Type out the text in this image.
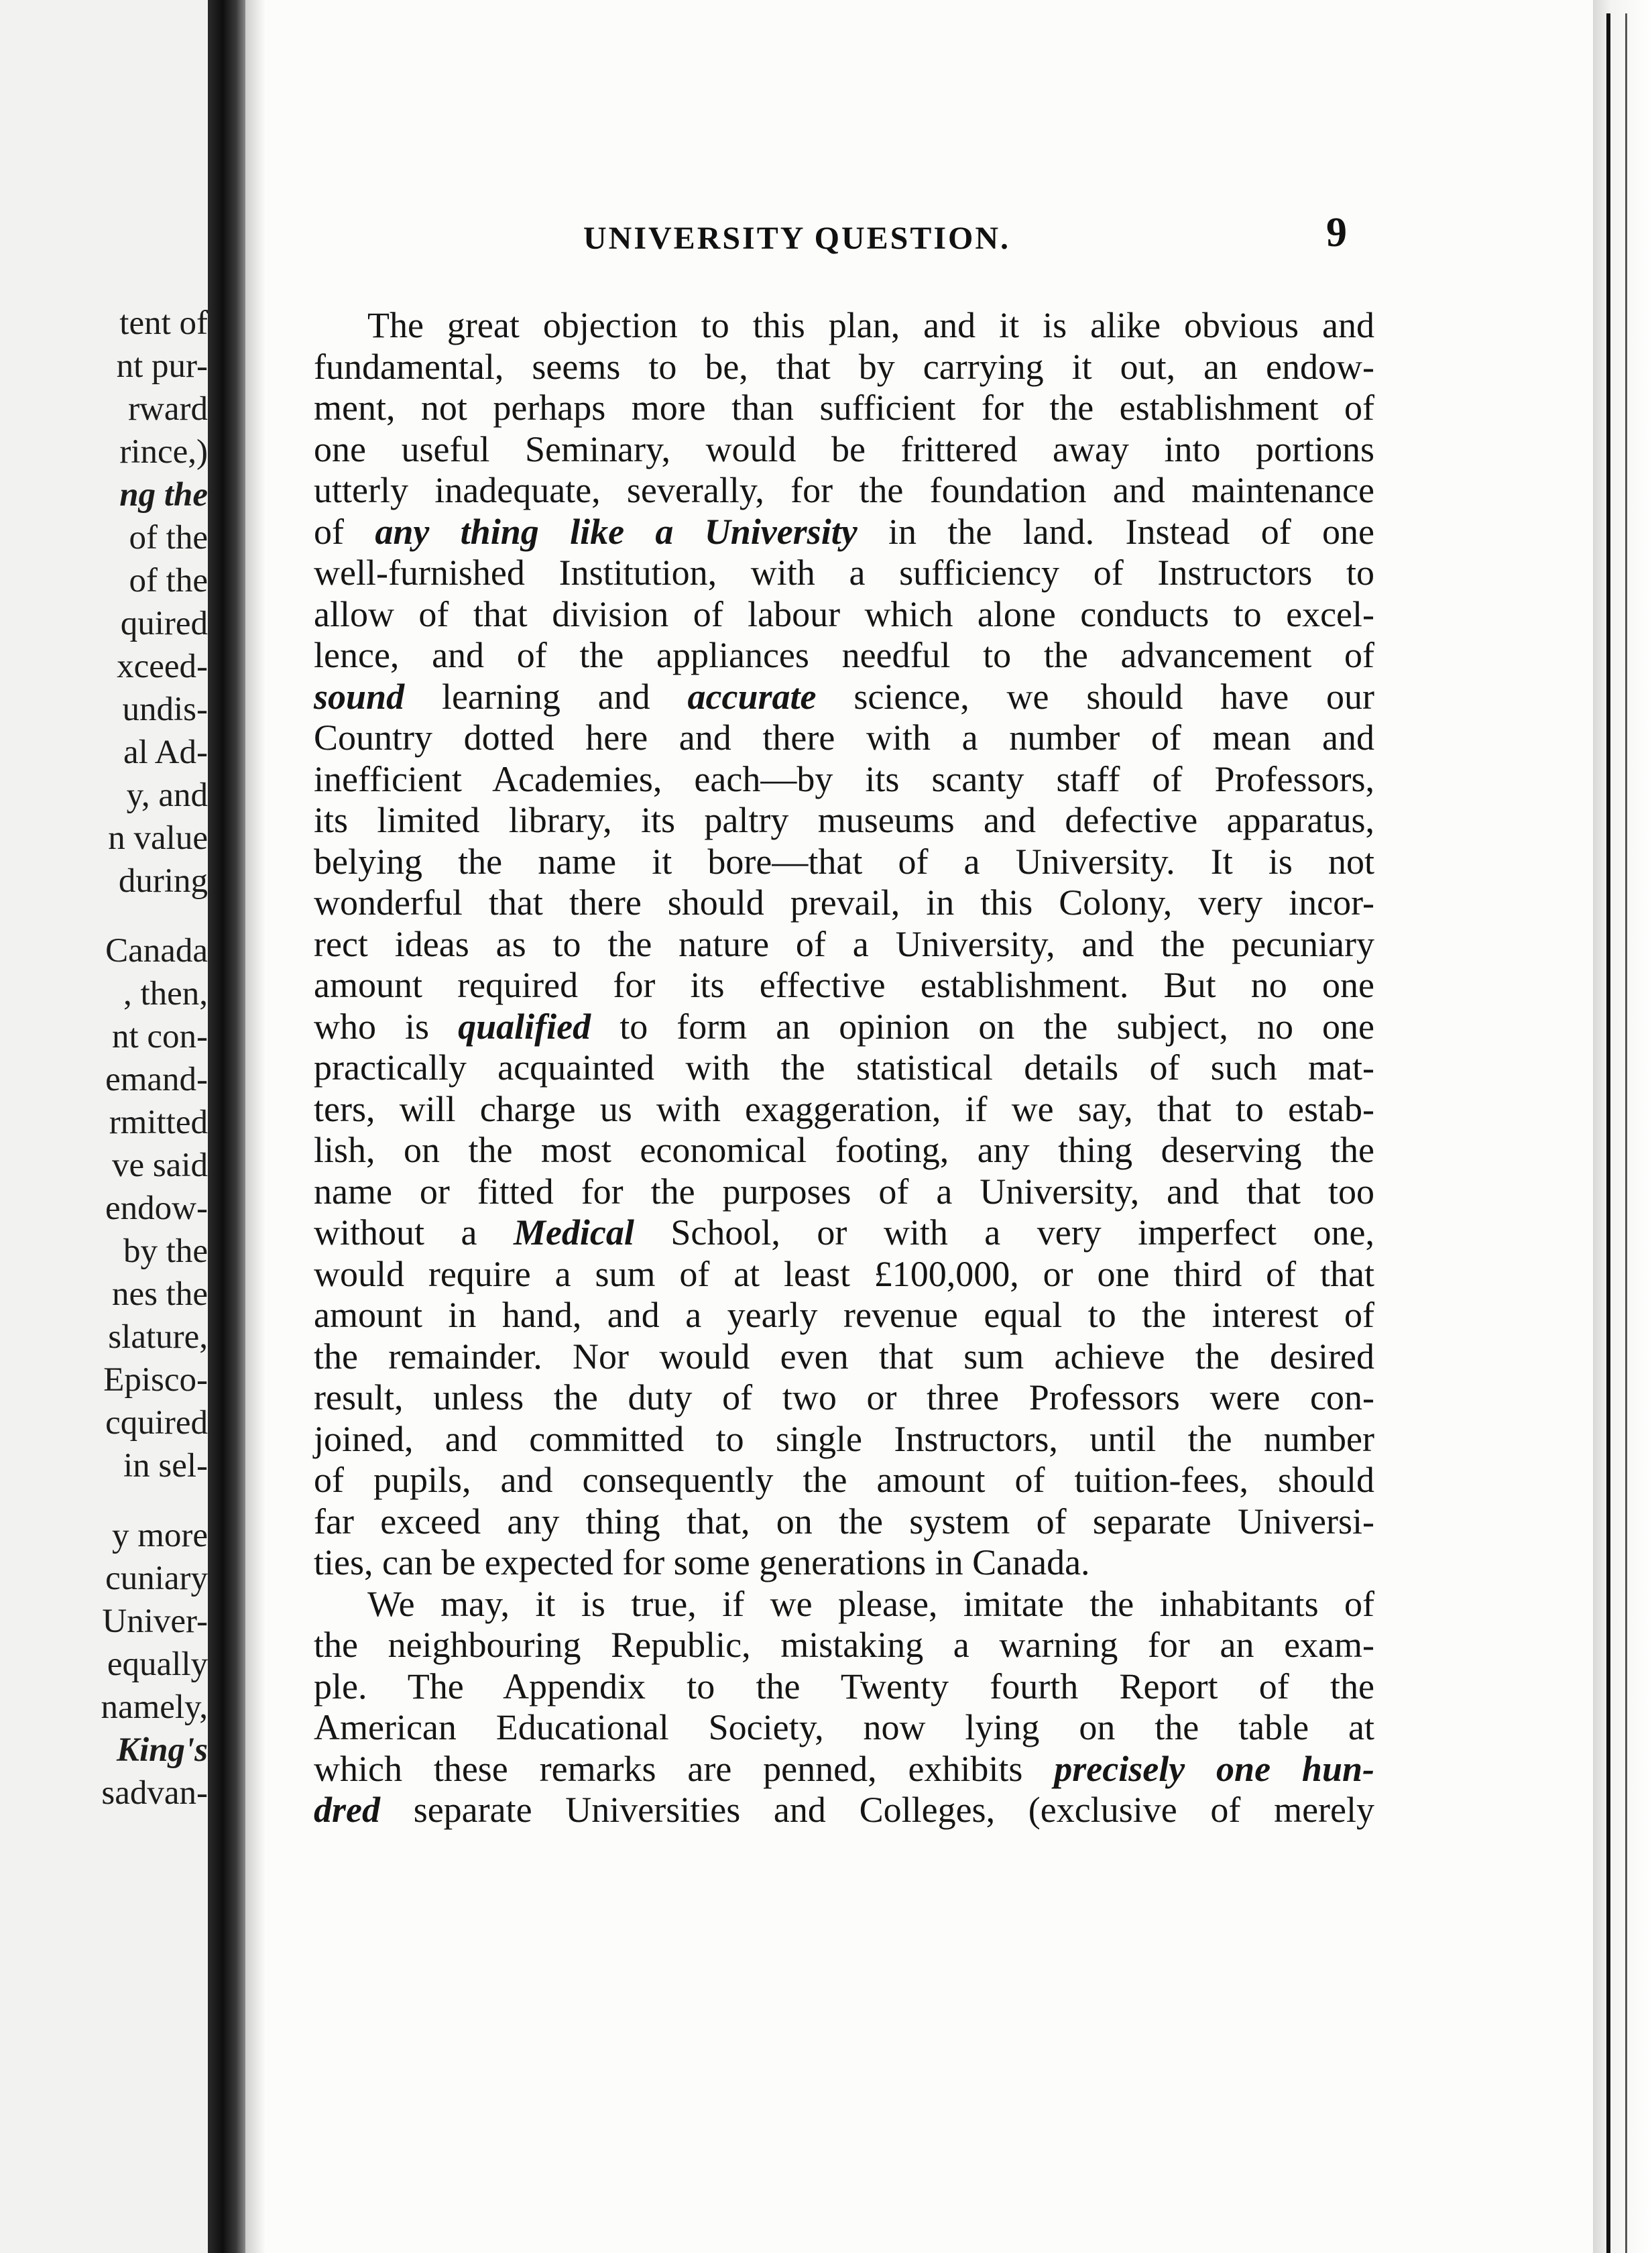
tent of
nt pur-
rward
rince,)
ng the
of the
of the
quired
xceed-
undis-
al Ad-
y, and
n value
during
Canada
, then,
nt con-
emand-
rmitted
ve said
endow-
by the
nes the
slature,
Episco-
cquired
in sel-
y more
cuniary
Univer-
equally
namely,
King's
sadvan-
UNIVERSITY QUESTION.	9
The great objection to this plan, and it is alike obvious and
fundamental, seems to be, that by carrying it out, an endow-
ment, not perhaps more than sufficient for the establishment of
one useful Seminary, would be frittered away into portions
utterly inadequate, severally, for the foundation and maintenance
of any thing like a University in the land. Instead of one
well-furnished Institution, with a sufficiency of Instructors to
allow of that division of labour which alone conducts to excel-
lence, and of the appliances needful to the advancement of
sound learning and accurate science, we should have our
Country dotted here and there with a number of mean and
inefficient Academies, each—by its scanty staff of Professors,
its limited library, its paltry museums and defective apparatus,
belying the name it bore—that of a University. It is not
wonderful that there should prevail, in this Colony, very incor-
rect ideas as to the nature of a University, and the pecuniary
amount required for its effective establishment. But no one
who is qualified to form an opinion on the subject, no one
practically acquainted with the statistical details of such mat-
ters, will charge us with exaggeration, if we say, that to estab-
lish, on the most economical footing, any thing deserving the
name or fitted for the purposes of a University, and that too
without a Medical School, or with a very imperfect one,
would require a sum of at least £100,000, or one third of that
amount in hand, and a yearly revenue equal to the interest of
the remainder. Nor would even that sum achieve the desired
result, unless the duty of two or three Professors were con-
joined, and committed to single Instructors, until the number
of pupils, and consequently the amount of tuition-fees, should
far exceed any thing that, on the system of separate Universi-
ties, can be expected for some generations in Canada.
We may, it is true, if we please, imitate the inhabitants of
the neighbouring Republic, mistaking a warning for an exam-
ple. The Appendix to the Twenty fourth Report of the
American Educational Society, now lying on the table at
which these remarks are penned, exhibits precisely one hun-
dred separate Universities and Colleges, (exclusive of merely
